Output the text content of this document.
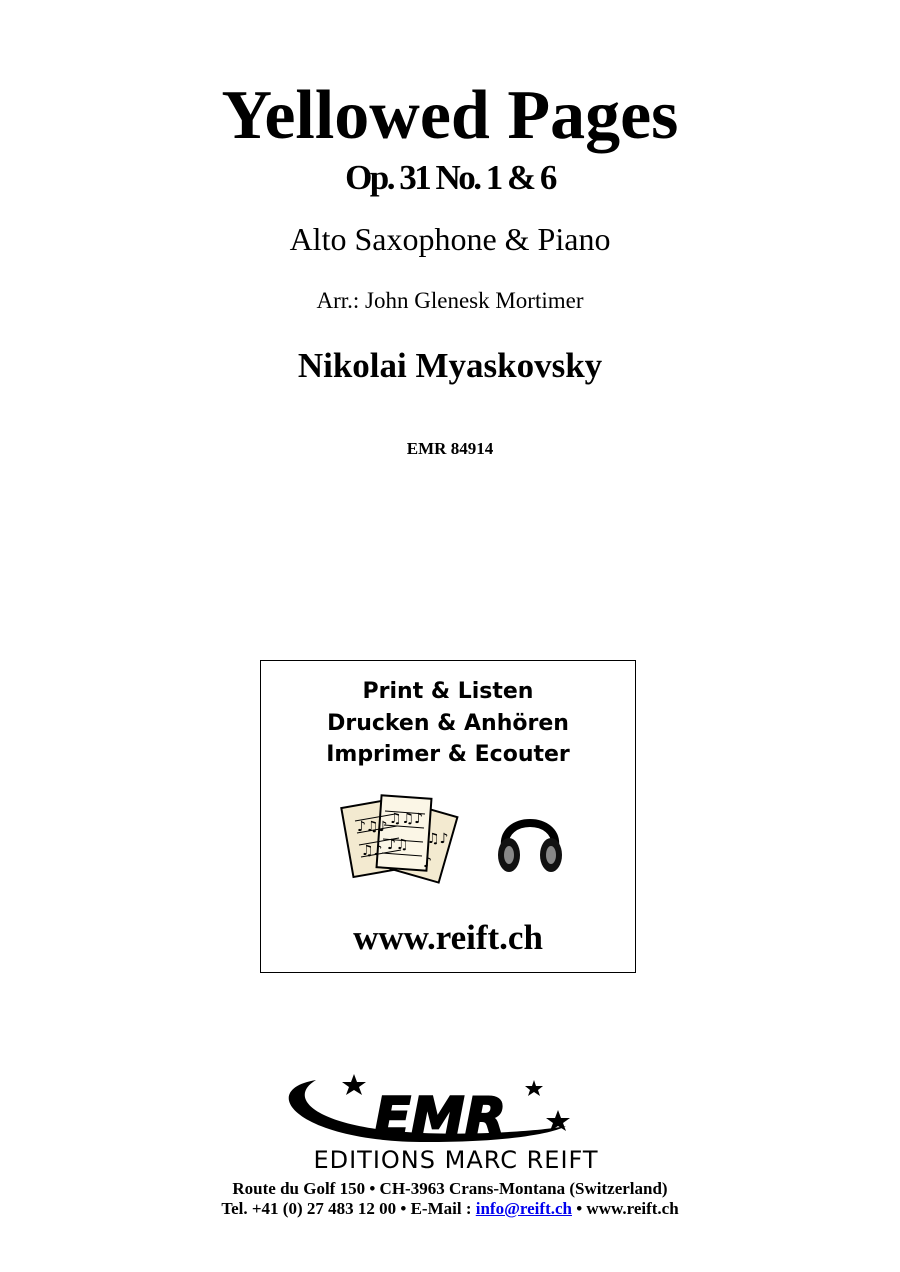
Yellowed Pages
Op. 31 No. 1 & 6
Alto Saxophone & Piano
Arr.: John Glenesk Mortimer
Nikolai Myaskovsky
EMR 84914
Print & Listen
Drucken & Anhören
Imprimer & Ecouter
♪♫♪
♫♪
♫♫♪
♪♫ ♫♪
♪
www.reift.ch
EMR
EDITIONS MARC REIFT
Route du Golf 150 • CH-3963 Crans-Montana (Switzerland)
Tel. +41 (0) 27 483 12 00 • E-Mail : info@reift.ch • www.reift.ch
